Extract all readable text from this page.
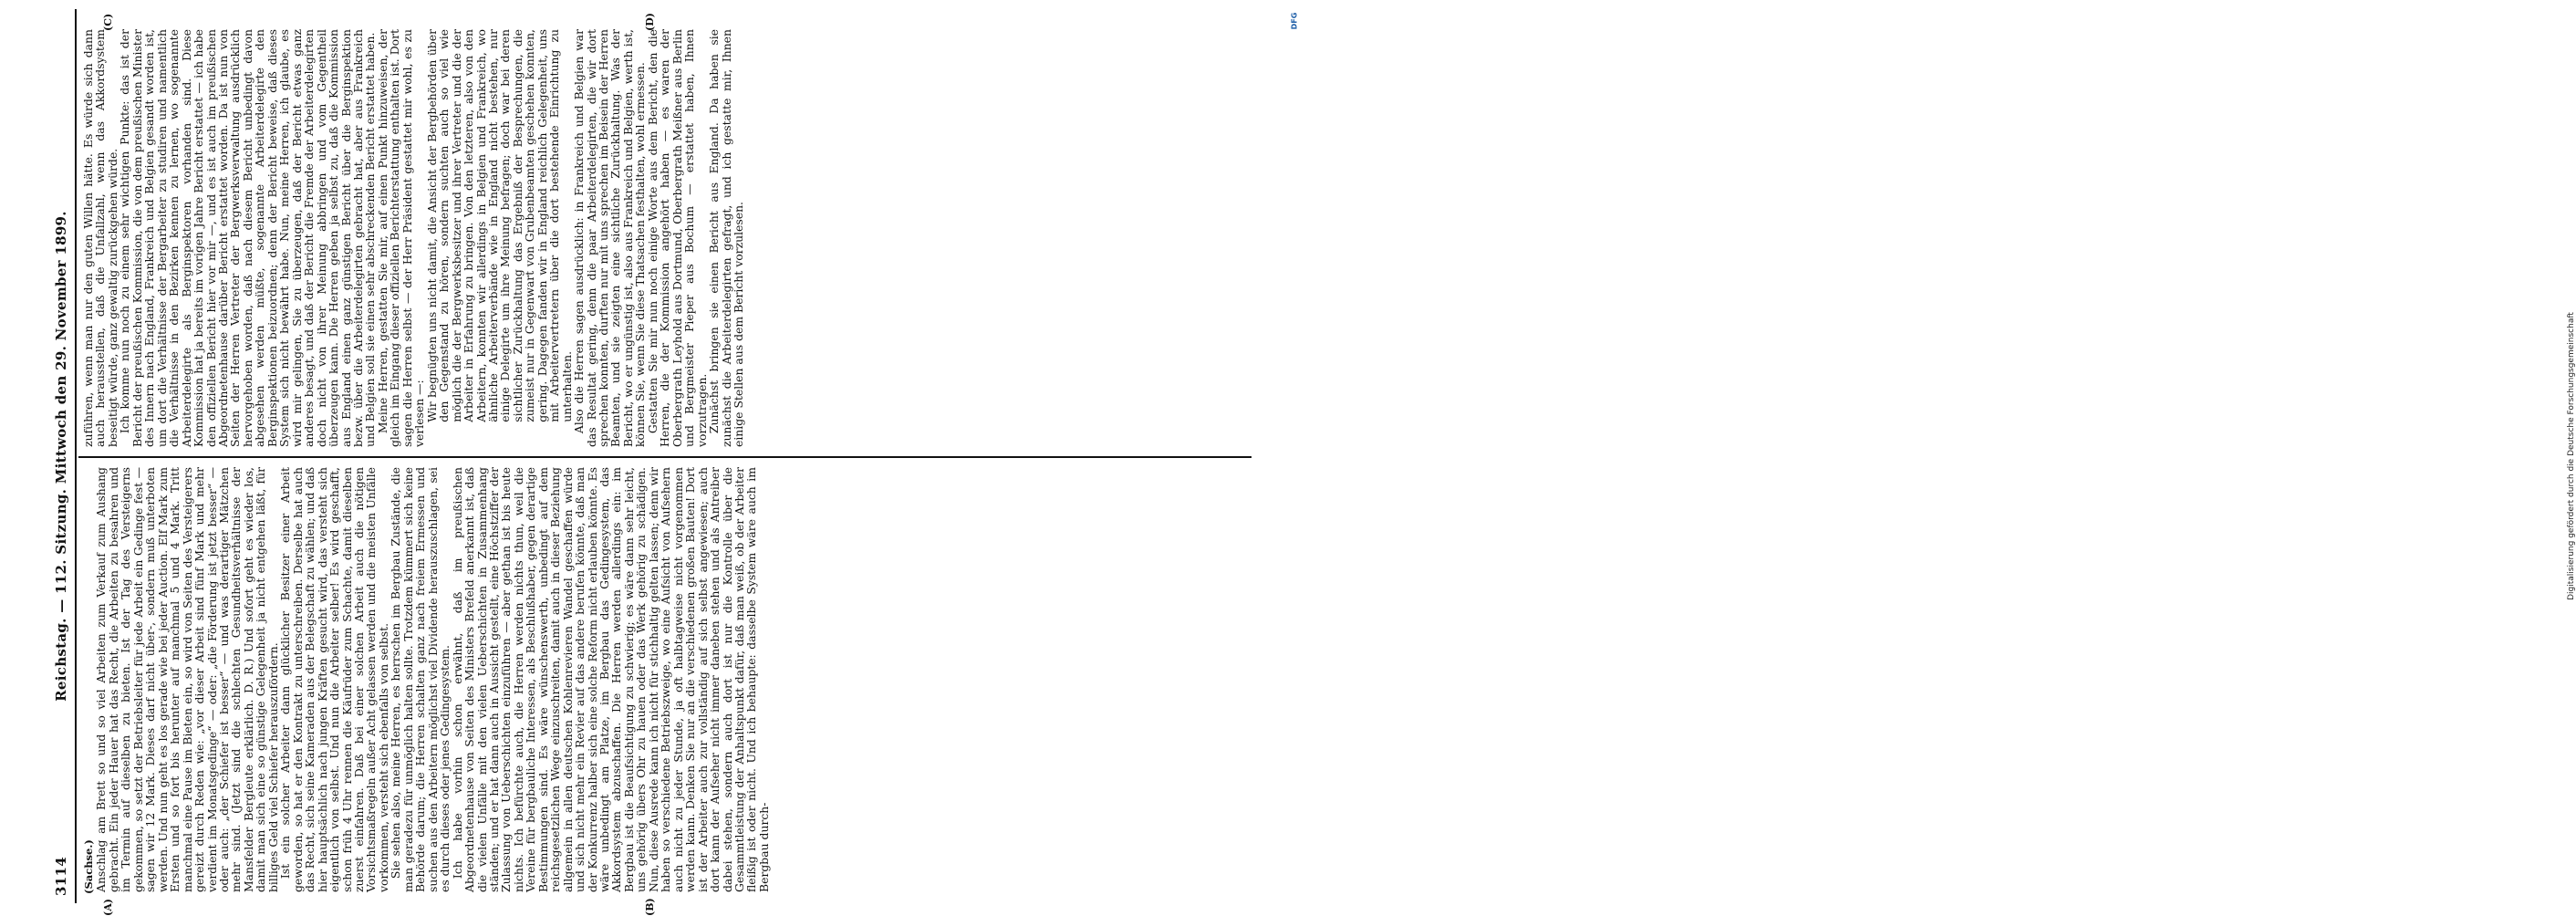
3114
Reichstag. — 112. Sitzung. Mittwoch den 29. November 1899.
(A)	(B)
(C)	(D)

(Sachse.) Anschlag am Brett so und so viel Arbeiten zum Verkauf zum Aushang gebracht. Ein jeder Hauer hat das Recht, die Arbeiten zu besahren und im Termin auf dieselben zu bieten. Ist der Tag des Versteigerns gekommen, so setzt der Betriebsleiter für jede Arbeit ein Gedinge fest — sagen wir 12 Mark. Dieses darf nicht über-, sondern muß unterboten werden. Und nun geht es los gerade wie bei jeder Auction. Elf Mark zum Ersten und so fort bis herunter auf manchmal 5 und 4 Mark. Tritt manchmal eine Pause im Bieten ein, so wird von Seiten des Versteigerers gereizt durch Reden wie: „vor dieser Arbeit sind fünf Mark und mehr verdient im Monatsgedinge“ — oder: „die Förderung ist jetzt besser“ — oder auch: „der Schiefer ist besser“ — und was derartiger Mätzchen mehr sind. (Jetzt sind die schlechten Gesundheitsverhältnisse der Mansfelder Bergleute erklärlich. D. R.) Und sofort geht es wieder los, damit man sich eine so günstige Gelegenheit ja nicht entgehen läßt, für billiges Geld viel Schiefer herauszufördern.

Ist ein solcher Arbeiter dann glücklicher Besitzer einer Arbeit geworden, so hat er den Kontrakt zu unterschreiben. Derselbe hat auch das Recht, sich seine Kameraden aus der Belegschaft zu wählen; und daß hier hauptsächlich nach jungen Kräften gesucht wird, das versteht sich eigentlich von selbst. Und nun die Arbeiter selber! Es wird geschafft, schon früh 4 Uhr rennen die Käufrüder zum Schachte, damit dieselben zuerst einfahren. Daß bei einer solchen Arbeit auch die nötigen Vorsichtsmaßregeln außer Acht gelassen werden und die meisten Unfälle vorkommen, versteht sich ebenfalls von selbst.

Sie sehen also, meine Herren, es herrschen im Bergbau Zustände, die man geradezu für unmöglich halten sollte. Trotzdem kümmert sich keine Behörde darum; die Herren schalten ganz nach freiem Ermessen und suchen aus den Arbeitern möglichst viel Dividende herauszuschlagen, sei es durch dieses oder jenes Gedingesystem.

Ich habe vorhin schon erwähnt, daß im preußischen Abgeordnetenhause von Seiten des Ministers Brefeld anerkannt ist, daß die vielen Unfälle mit den vielen Ueberschichten in Zusammenhang ständen; und er hat dann auch in Aussicht gestellt, eine Höchstziffer der Zulassung von Ueberschichten einzuführen — aber gethan ist bis heute nichts. Ich befürchte auch, die Herren werden nichts thun, weil die Vereine für bergbauliche Interessen, als Beschlußhaber, gegen derartige Bestimmungen sind. Es wäre wünschenswerth, unbedingt auf dem reichsgesetzlichen Wege einzuschreiten, damit auch in dieser Beziehung allgemein in allen deutschen Kohlenrevieren Wandel geschaffen würde und sich nicht mehr ein Revier auf das andere berufen könnte, daß man der Konkurrenz halber sich eine solche Reform nicht erlauben könnte. Es wäre unbedingt am Platze, im Bergbau das Gedingesystem, das Akkordsystem abzuschaffen. Die Herren werden allerdings ein: im Bergbau ist die Beaufsichtigung zu schwierig; es wäre dann sehr leicht, uns gehörig übers Ohr zu hauen oder das Werk gehörig zu schädigen. Nun, diese Ausrede kann ich nicht für stichhaltig gelten lassen; denn wir haben so verschiedene Betriebszweige, wo eine Aufsicht von Aufsehern auch nicht zu jeder Stunde, ja oft halbtagweise nicht vorgenommen werden kann. Denken Sie nur an die verschiedenen großen Bauten! Dort ist der Arbeiter auch zur vollständig auf sich selbst angewiesen; auch dort kann der Aufseher nicht immer daneben stehen und als Antreiber dabei stehen, sondern auch dort ist nur die Kontrolle über die Gesammtleistung der Anhaltspunkt dafür, daß man weiß, ob der Arbeiter fleißig ist oder nicht. Und ich behaupte: dasselbe System wäre auch im Bergbau durch-

zuführen, wenn man nur den guten Willen hätte. Es würde sich dann auch herausstellen, daß die Unfallzahl, wenn das Akkordsystem beseitigt würde, ganz gewaltig zurückgehen würde.

Ich komme nun noch zu einem sehr wichtigen Punkte: das ist der Bericht der preußischen Kommission, die von dem preußischen Minister des Innern nach England, Frankreich und Belgien gesandt worden ist, um dort die Verhältnisse der Bergarbeiter zu studiren und namentlich die Verhältnisse in den Bezirken kennen zu lernen, wo sogenannte Arbeiterdelegirte als Berginspektoren vorhanden sind. Diese Kommission hat ja bereits im vorigen Jahre Bericht erstattet — ich habe den offiziellen Bericht hier vor mir —, und es ist auch im preußischen Abgeordnetenhause darüber Bericht erstattet worden. Da ist nun von Seiten der Herren Vertreter der Bergwerksverwaltung ausdrücklich hervorgehoben worden, daß nach diesem Bericht unbedingt davon abgesehen werden müßte, sogenannte Arbeiterdelegirte den Berginspektionen beizuordnen; denn der Bericht beweise, daß dieses System sich nicht bewährt habe. Nun, meine Herren, ich glaube, es wird mir gelingen, Sie zu überzeugen, daß der Bericht etwas ganz anderes besagt, und daß der Bericht die Fremde der Arbeiterdelegirten doch nicht von ihrer Meinung abbringen und vom Gegentheil überzeugen kann. Die Herren geben ja selbst zu, daß die Kommission aus England einen ganz günstigen Bericht über die Berginspektion bezw. über die Arbeiterdelegirten gebracht hat, aber aus Frankreich und Belgien soll sie einen sehr abschreckenden Bericht erstattet haben.

Meine Herren, gestatten Sie mir, auf einen Punkt hinzuweisen, der gleich im Eingang dieser offiziellen Berichterstattung enthalten ist. Dort sagen die Herren selbst — der Herr Präsident gestattet mir wohl, es zu verlesen —:

Wir begnügten uns nicht damit, die Ansicht der Bergbehörden über den Gegenstand zu hören, sondern suchten auch so viel wie möglich die der Bergwerksbesitzer und ihrer Vertreter und die der Arbeiter in Erfahrung zu bringen. Von den letzteren, also von den Arbeitern, konnten wir allerdings in Belgien und Frankreich, wo ähnliche Arbeiterverbände wie in England nicht bestehen, nur einige Delegirte um ihre Meinung befragen; doch war bei deren sichtlicher Zurückhaltung das Ergebniß der Besprechungen, die zumeist nur in Gegenwart von Grubenbeamten geschehen konnten, gering. Dagegen fanden wir in England reichlich Gelegenheit, uns mit Arbeitervertretern über die dort bestehende Einrichtung zu unterhalten.

Also die Herren sagen ausdrücklich: in Frankreich und Belgien war das Resultat gering, denn die paar Arbeiterdelegirten, die wir dort sprechen konnten, durften nur mit uns sprechen im Beisein der Herren Beamten, und sie zeigten eine sichtliche Zurückhaltung. Was der Bericht, wo er ungünstig ist, also aus Frankreich und Belgien, werth ist, können Sie, wenn Sie diese Thatsachen festhalten, wohl ermessen.

Gestatten Sie mir nun noch einige Worte aus dem Bericht, den die Herren, die der Kommission angehört haben — es waren der Oberbergrath Leyhold aus Dortmund, Oberbergrath Meißner aus Berlin und Bergmeister Pieper aus Bochum — erstattet haben, Ihnen vorzutragen.

Zunächst bringen sie einen Bericht aus England. Da haben sie zunächst die Arbeiterdelegirten gefragt, und ich gestatte mir, Ihnen einige Stellen aus dem Bericht vorzulesen.

DFG
Digitalisierung gefördert durch die Deutsche Forschungsgemeinschaft
